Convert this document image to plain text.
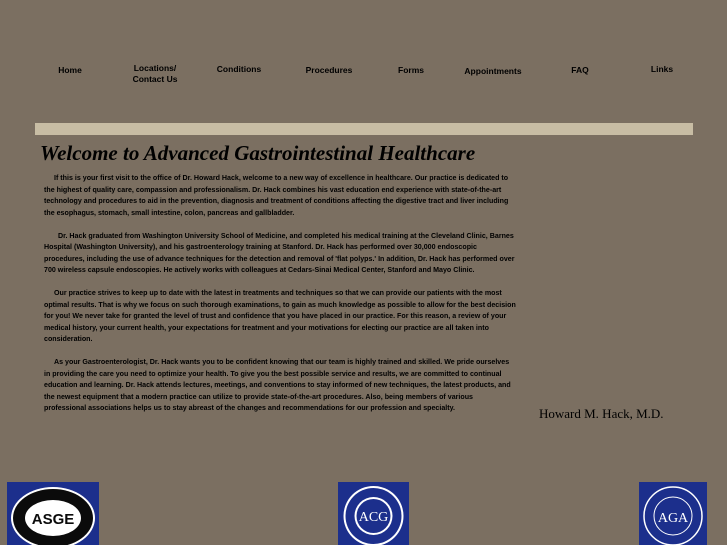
Home	Locations/
Contact Us
Conditions	Procedures	Forms	Appointments	FAQ	Links
Welcome to Advanced Gastrointestinal Healthcare

If this is your first visit to the office of Dr. Howard Hack, welcome to a new way of excellence in healthcare. Our practice is dedicated to the highest of quality care, compassion and professionalism. Dr. Hack combines his vast education end experience with state-of-the-art technology and procedures to aid in the prevention, diagnosis and treatment of conditions affecting the digestive tract and liver including the esophagus, stomach, small intestine, colon, pancreas and gallbladder.

Dr. Hack graduated from Washington University School of Medicine, and completed his medical training at the Cleveland Clinic, Barnes Hospital (Washington University), and his gastroenterology training at Stanford. Dr. Hack has performed over 30,000 endoscopic procedures, including the use of advance techniques for the detection and removal of 'flat polyps.' In addition, Dr. Hack has performed over 700 wireless capsule endoscopies. He actively works with colleagues at Cedars-Sinai Medical Center, Stanford and Mayo Clinic.

Our practice strives to keep up to date with the latest in treatments and techniques so that we can provide our patients with the most optimal results. That is why we focus on such thorough examinations, to gain as much knowledge as possible to allow for the best decision for you! We never take for granted the level of trust and confidence that you have placed in our practice. For this reason, a review of your medical history, your current health, your expectations for treatment and your motivations for electing our practice are all taken into consideration.

As your Gastroenterologist, Dr. Hack wants you to be confident knowing that our team is highly trained and skilled. We pride ourselves in providing the care you need to optimize your health. To give you the best possible service and results, we are committed to continual education and learning. Dr. Hack attends lectures, meetings, and conventions to stay informed of new techniques, the latest products, and the newest equipment that a modern practice can utilize to provide state-of-the-art procedures. Also, being members of various professional associations helps us to stay abreast of the changes and recommendations for our profession and specialty.	Howard M. Hack, M.D.
ASGE	ACG	AGA
